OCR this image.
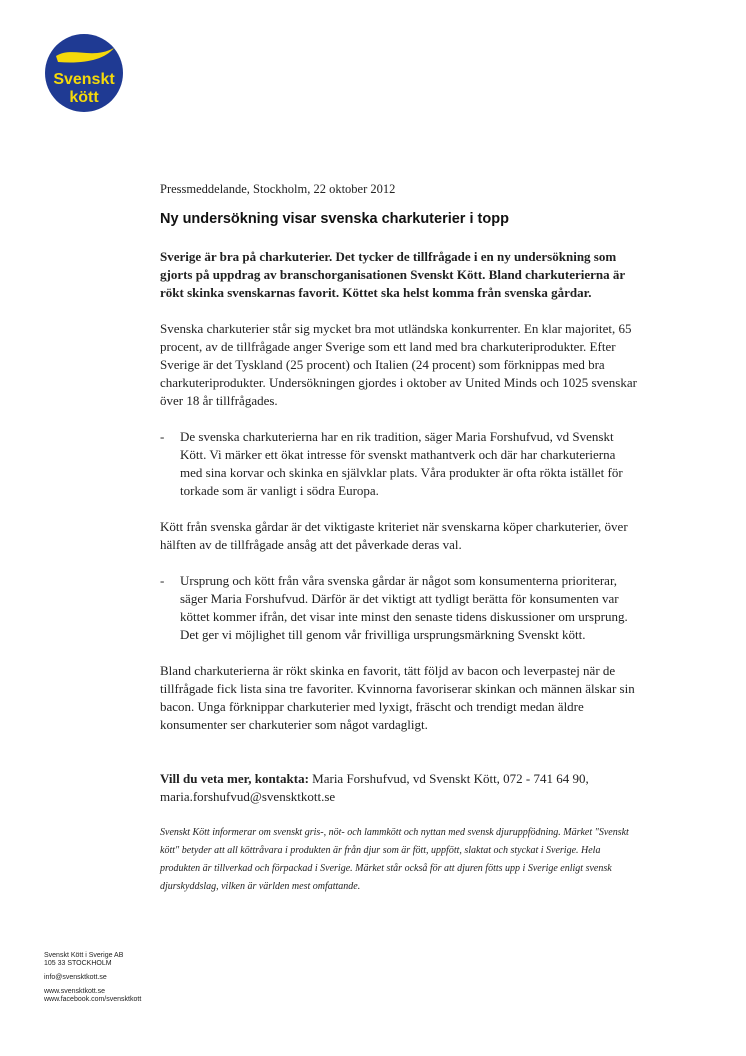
Svenskt
kött

Pressmeddelande, Stockholm, 22 oktober 2012

Ny undersökning visar svenska charkuterier i topp

Sverige är bra på charkuterier. Det tycker de tillfrågade i en ny undersökning som gjorts på uppdrag av branschorganisationen Svenskt Kött. Bland charkuterierna är rökt skinka svenskarnas favorit. Köttet ska helst komma från svenska gårdar.

Svenska charkuterier står sig mycket bra mot utländska konkurrenter. En klar majoritet, 65 procent, av de tillfrågade anger Sverige som ett land med bra charkuteriprodukter. Efter Sverige är det Tyskland (25 procent) och Italien (24 procent) som förknippas med bra charkuteriprodukter. Undersökningen gjordes i oktober av United Minds och 1025 svenskar över 18 år tillfrågades.

- De svenska charkuterierna har en rik tradition, säger Maria Forshufvud, vd Svenskt Kött. Vi märker ett ökat intresse för svenskt mathantverk och där har charkuterierna med sina korvar och skinka en självklar plats. Våra produkter är ofta rökta istället för torkade som är vanligt i södra Europa.

Kött från svenska gårdar är det viktigaste kriteriet när svenskarna köper charkuterier, över hälften av de tillfrågade ansåg att det påverkade deras val.

- Ursprung och kött från våra svenska gårdar är något som konsumenterna prioriterar, säger Maria Forshufvud. Därför är det viktigt att tydligt berätta för konsumenten var köttet kommer ifrån, det visar inte minst den senaste tidens diskussioner om ursprung. Det ger vi möjlighet till genom vår frivilliga ursprungsmärkning Svenskt kött.

Bland charkuterierna är rökt skinka en favorit, tätt följd av bacon och leverpastej när de tillfrågade fick lista sina tre favoriter. Kvinnorna favoriserar skinkan och männen älskar sin bacon. Unga förknippar charkuterier med lyxigt, fräscht och trendigt medan äldre konsumenter ser charkuterier som något vardagligt.

Vill du veta mer, kontakta: Maria Forshufvud, vd Svenskt Kött, 072 - 741 64 90,
maria.forshufvud@svensktkott.se

Svenskt Kött informerar om svenskt gris-, nöt- och lammkött och nyttan med svensk djuruppfödning. Märket "Svenskt kött" betyder att all köttråvara i produkten är från djur som är fött, uppfött, slaktat och styckat i Sverige. Hela produkten är tillverkad och förpackad i Sverige. Märket står också för att djuren fötts upp i Sverige enligt svensk djurskyddslag, vilken är världen mest omfattande.

Svenskt Kött i Sverige AB
105 33 STOCKHOLM
info@svensktkott.se
www.svensktkott.se
www.facebook.com/svensktkott
